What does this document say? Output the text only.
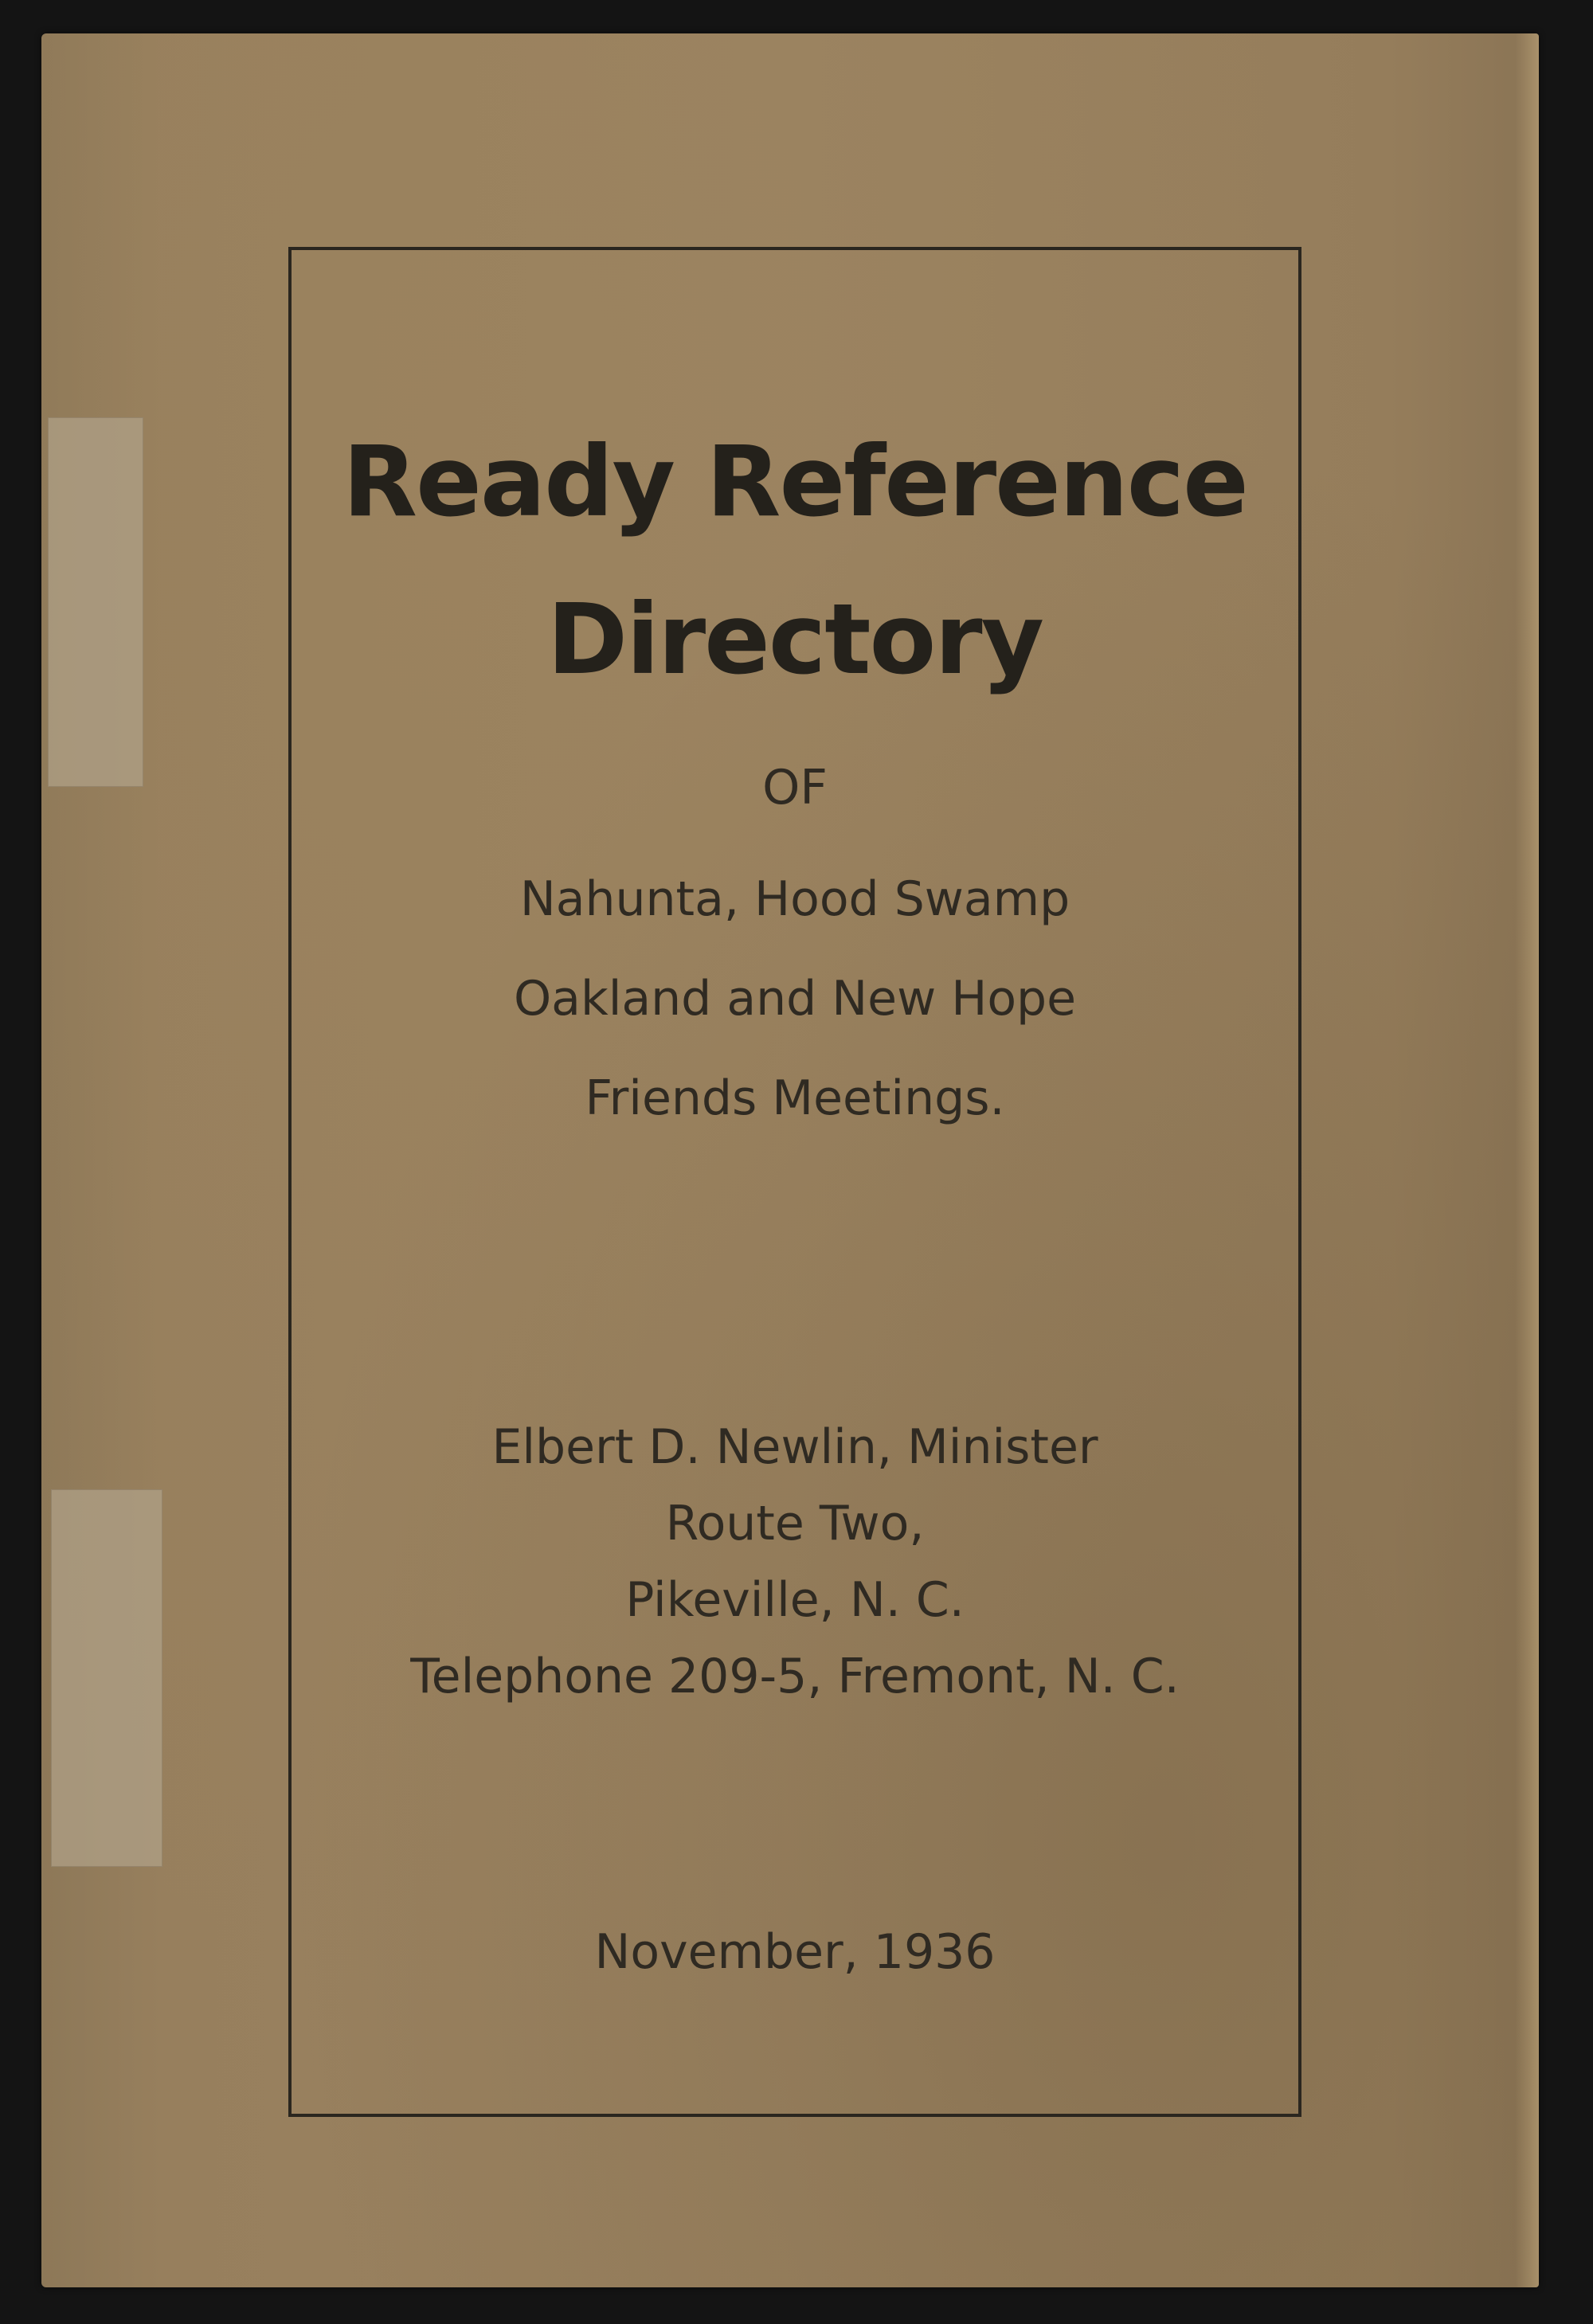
Ready Reference
Directory
OF
Nahunta, Hood Swamp
Oakland and New Hope
Friends Meetings.
Elbert D. Newlin, Minister
Route Two,
Pikeville, N. C.
Telephone 209-5, Fremont, N. C.
November, 1936
